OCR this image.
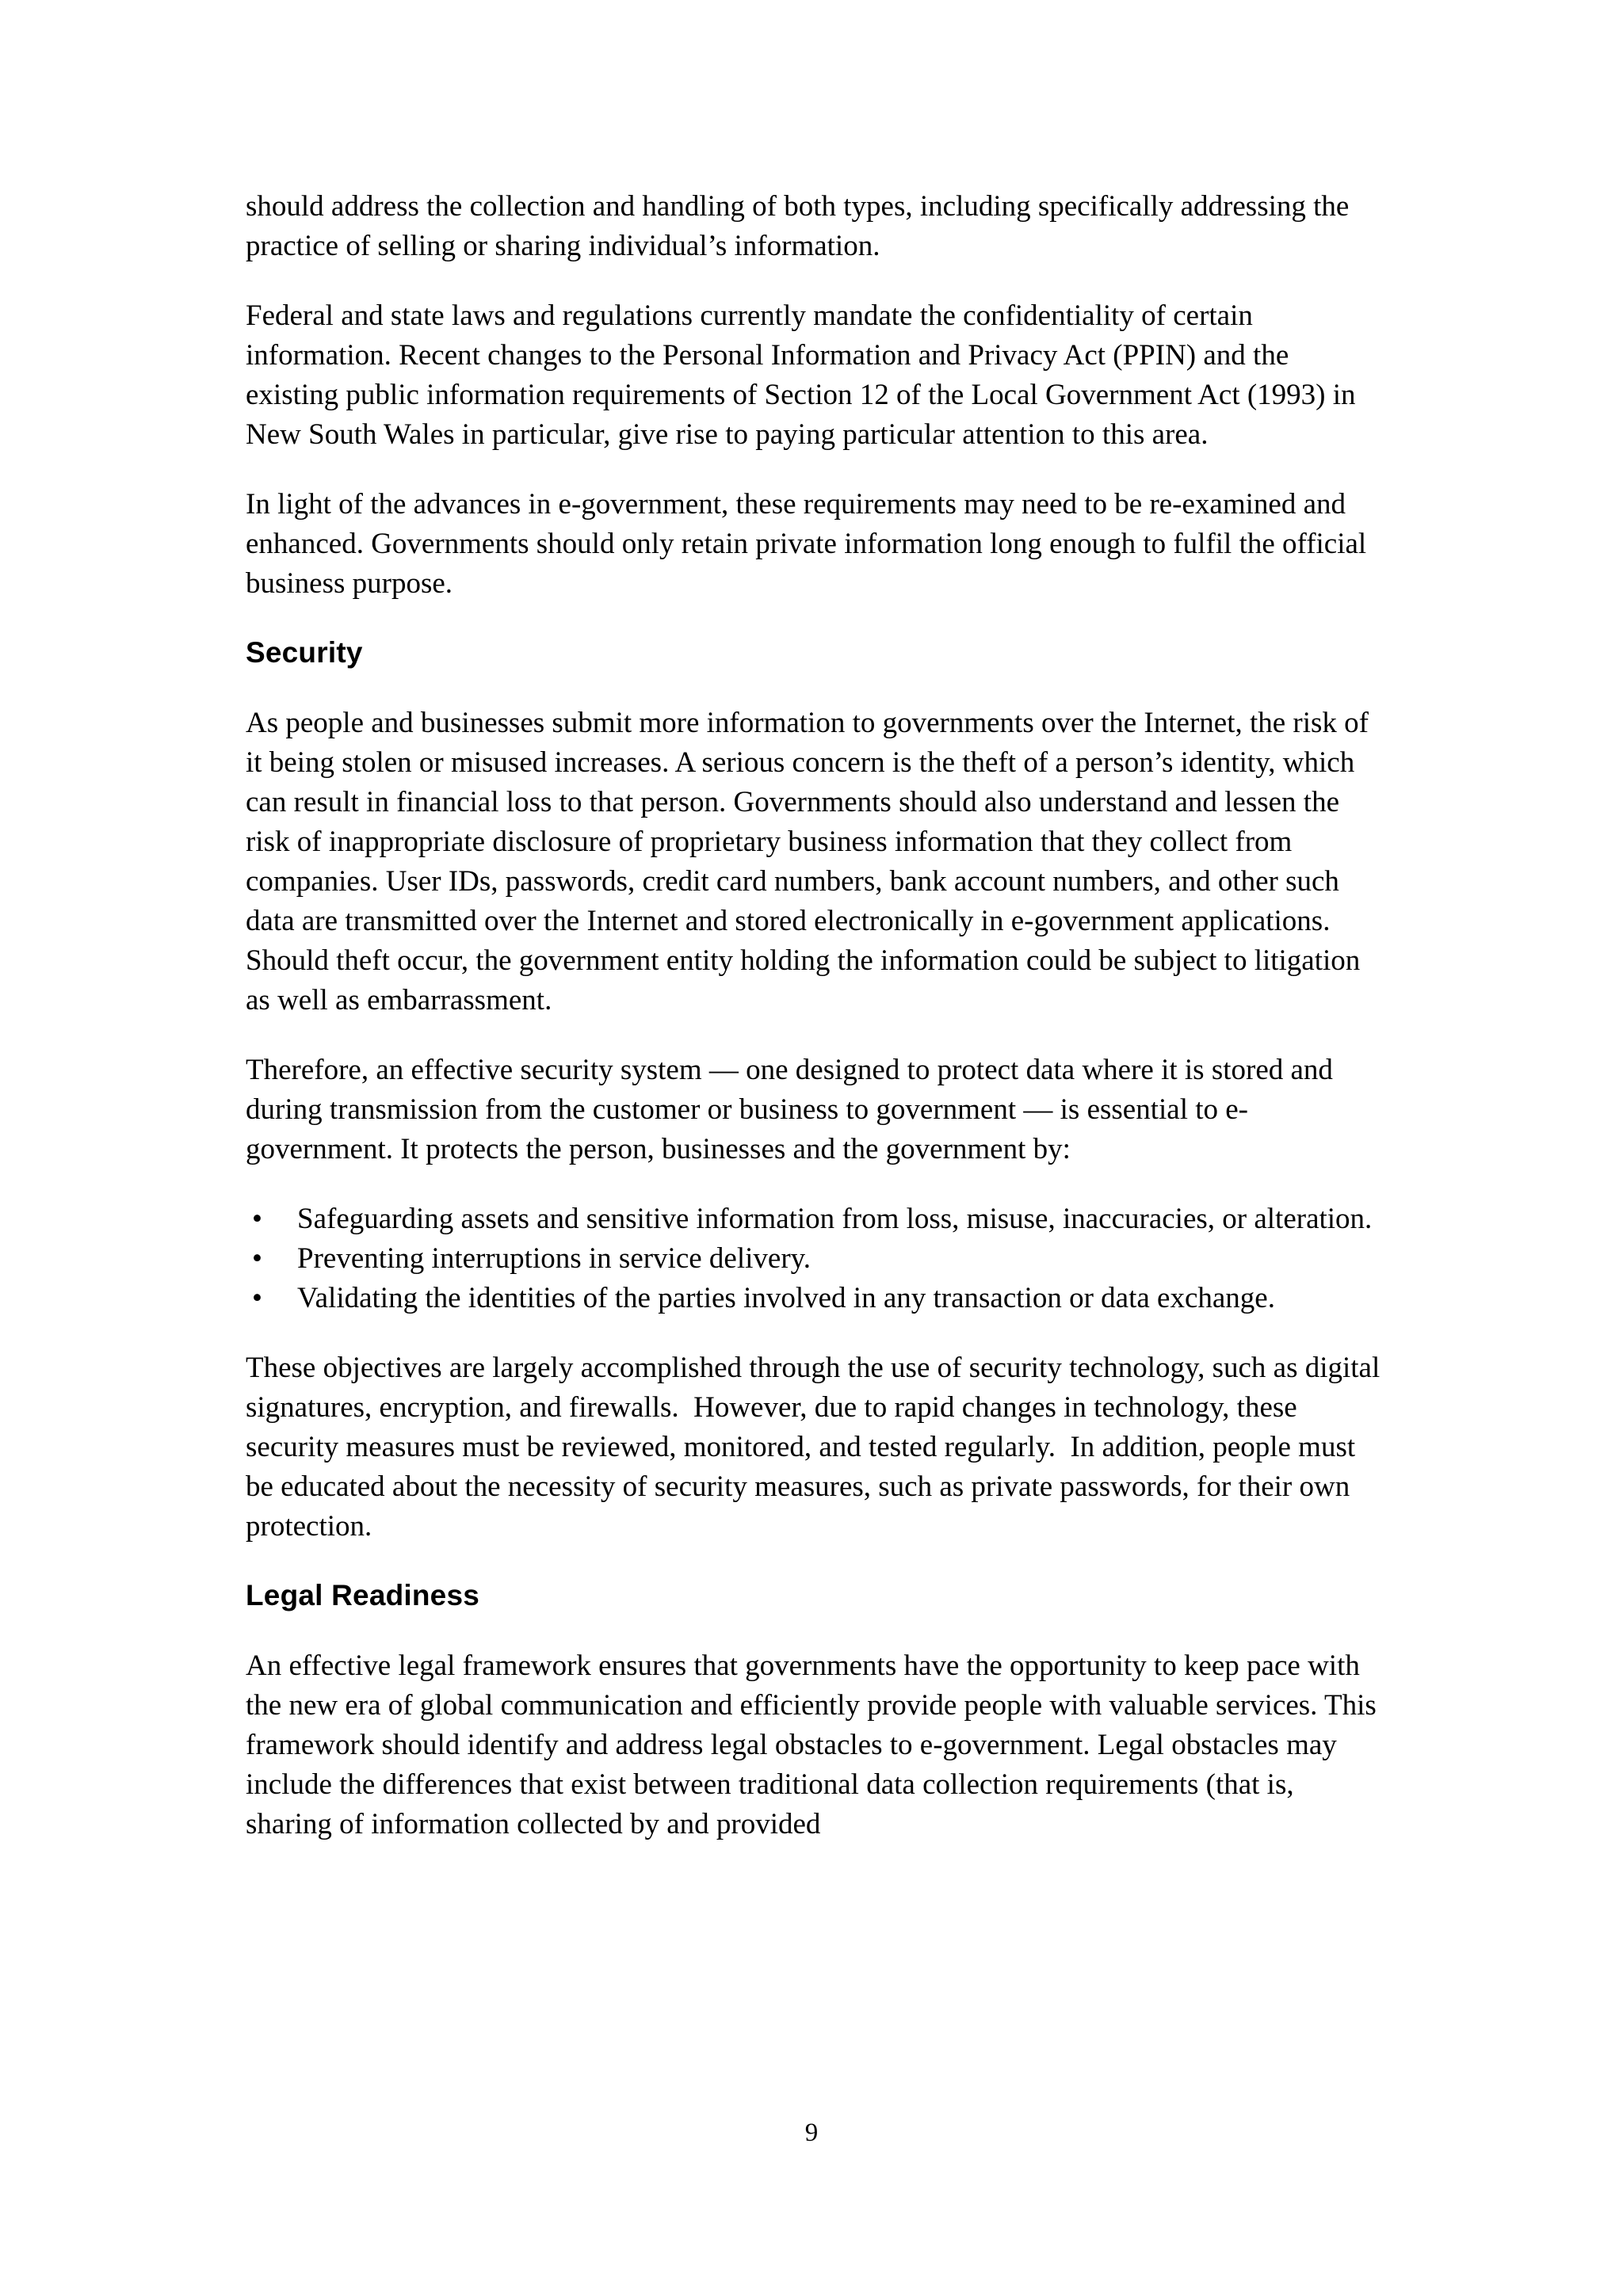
should address the collection and handling of both types, including specifically addressing the practice of selling or sharing individual’s information.

Federal and state laws and regulations currently mandate the confidentiality of certain information. Recent changes to the Personal Information and Privacy Act (PPIN) and the existing public information requirements of Section 12 of the Local Government Act (1993) in New South Wales in particular, give rise to paying particular attention to this area.

In light of the advances in e-government, these requirements may need to be re-examined and enhanced. Governments should only retain private information long enough to fulfil the official business purpose.

Security

As people and businesses submit more information to governments over the Internet, the risk of it being stolen or misused increases. A serious concern is the theft of a person’s identity, which can result in financial loss to that person. Governments should also understand and lessen the risk of inappropriate disclosure of proprietary business information that they collect from companies. User IDs, passwords, credit card numbers, bank account numbers, and other such data are transmitted over the Internet and stored electronically in e-government applications. Should theft occur, the government entity holding the information could be subject to litigation as well as embarrassment.

Therefore, an effective security system — one designed to protect data where it is stored and during transmission from the customer or business to government — is essential to e-government. It protects the person, businesses and the government by:

• Safeguarding assets and sensitive information from loss, misuse, inaccuracies, or alteration.
• Preventing interruptions in service delivery.
• Validating the identities of the parties involved in any transaction or data exchange.

These objectives are largely accomplished through the use of security technology, such as digital signatures, encryption, and firewalls.  However, due to rapid changes in technology, these security measures must be reviewed, monitored, and tested regularly.  In addition, people must be educated about the necessity of security measures, such as private passwords, for their own protection.

Legal Readiness

An effective legal framework ensures that governments have the opportunity to keep pace with the new era of global communication and efficiently provide people with valuable services. This framework should identify and address legal obstacles to e-government. Legal obstacles may include the differences that exist between traditional data collection requirements (that is, sharing of information collected by and provided

9
